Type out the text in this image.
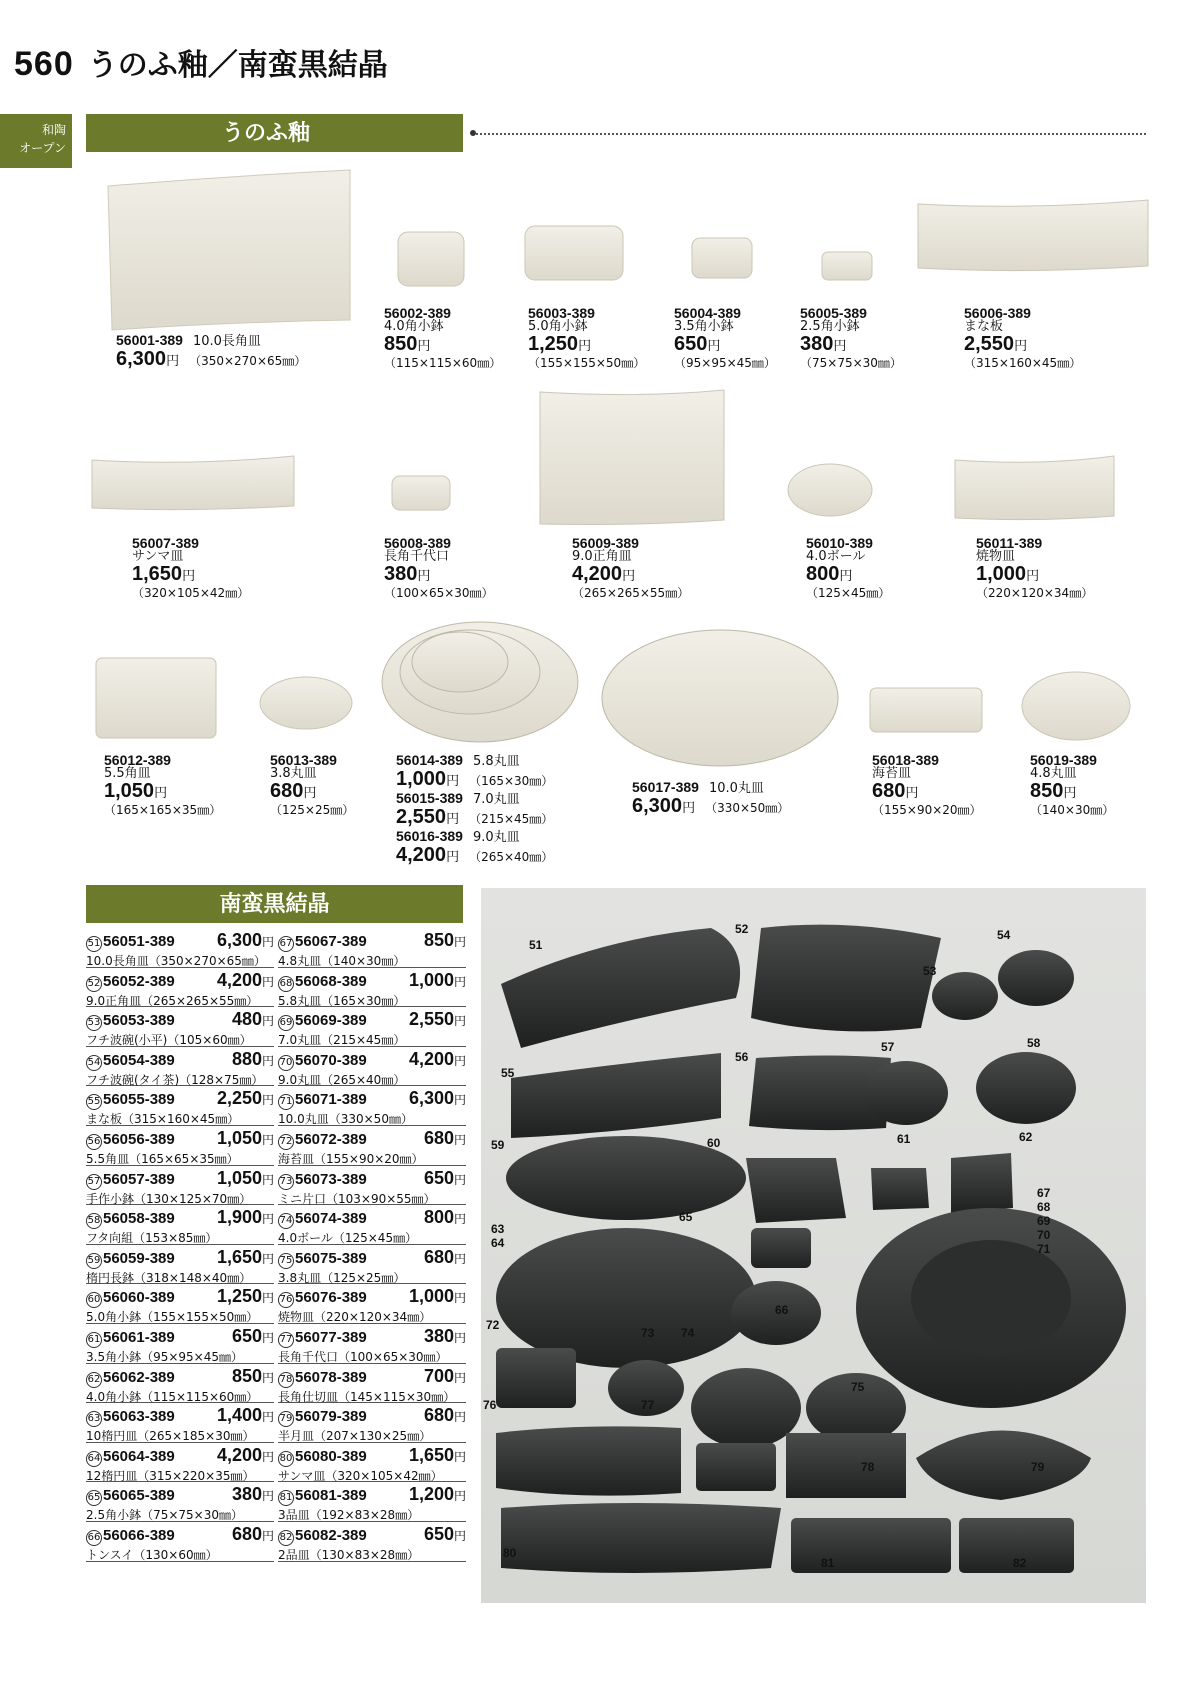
560 うのふ釉／南蛮黒結晶
和陶
オープン
うのふ釉
56001-389 10.0長角皿
6,300円 （350×270×65㎜）
56002-389
4.0角小鉢
850円
（115×115×60㎜）
56003-389
5.0角小鉢
1,250円
（155×155×50㎜）
56004-389
3.5角小鉢
650円
（95×95×45㎜）
56005-389
2.5角小鉢
380円
（75×75×30㎜）
56006-389
まな板
2,550円
（315×160×45㎜）
56007-389
サンマ皿
1,650円
（320×105×42㎜）
56008-389
長角千代口
380円
（100×65×30㎜）
56009-389
9.0正角皿
4,200円
（265×265×55㎜）
56010-389
4.0ボール
800円
（125×45㎜）
56011-389
焼物皿
1,000円
（220×120×34㎜）
56012-389
5.5角皿
1,050円
（165×165×35㎜）
56013-389
3.8丸皿
680円
（125×25㎜）
56014-389 5.8丸皿
1,000円 （165×30㎜）
56015-389 7.0丸皿
2,550円 （215×45㎜）
56016-389 9.0丸皿
4,200円 （265×40㎜）
56017-389 10.0丸皿
6,300円 （330×50㎜）
56018-389
海苔皿
680円
（155×90×20㎜）
56019-389
4.8丸皿
850円
（140×30㎜）
南蛮黒結晶
51 56051-389 6,300円
10.0長角皿（350×270×65㎜）
67 56067-389	850円
4.8丸皿（140×30㎜）
52 56052-389 4,200円
9.0正角皿（265×265×55㎜）
68 56068-389 1,000円
5.8丸皿（165×30㎜）
53 56053-389	480円
フチ波碗(小平)（105×60㎜）
69 56069-389 2,550円
7.0丸皿（215×45㎜）
54 56054-389	880円
フチ波碗(タイ茶)（128×75㎜）
70 56070-389 4,200円
9.0丸皿（265×40㎜）
55 56055-389 2,250円
まな板（315×160×45㎜）
71 56071-389 6,300円
10.0丸皿（330×50㎜）
56 56056-389 1,050円
5.5角皿（165×65×35㎜）
72 56072-389	680円
海苔皿（155×90×20㎜）
57 56057-389 1,050円
手作小鉢（130×125×70㎜）
73 56073-389	650円
ミニ片口（103×90×55㎜）
58 56058-389 1,900円
フタ向組（153×85㎜）
74 56074-389	800円
4.0ボール（125×45㎜）
59 56059-389 1,650円
楕円長鉢（318×148×40㎜）
75 56075-389	680円
3.8丸皿（125×25㎜）
60 56060-389 1,250円
5.0角小鉢（155×155×50㎜）
76 56076-389 1,000円
焼物皿（220×120×34㎜）
61 56061-389	650円
3.5角小鉢（95×95×45㎜）
77 56077-389	380円
長角千代口（100×65×30㎜）
62 56062-389	850円
4.0角小鉢（115×115×60㎜）
78 56078-389	700円
長角仕切皿（145×115×30㎜）
63 56063-389 1,400円
10楕円皿（265×185×30㎜）
79 56079-389	680円
半月皿（207×130×25㎜）
64 56064-389 4,200円
12楕円皿（315×220×35㎜）
80 56080-389 1,650円
サンマ皿（320×105×42㎜）
65 56065-389	380円
2.5角小鉢（75×75×30㎜）
81 56081-389 1,200円
3品皿（192×83×28㎜）
66 56066-389	680円
トンスイ（130×60㎜）
82 56082-389	650円
2品皿（130×83×28㎜）
51
52
53
54
55
56
57	58
59	60	61	62
63
64
65
66
67
68
69
70
71
72
73 74
75
76	77
78	79
80
81	82
